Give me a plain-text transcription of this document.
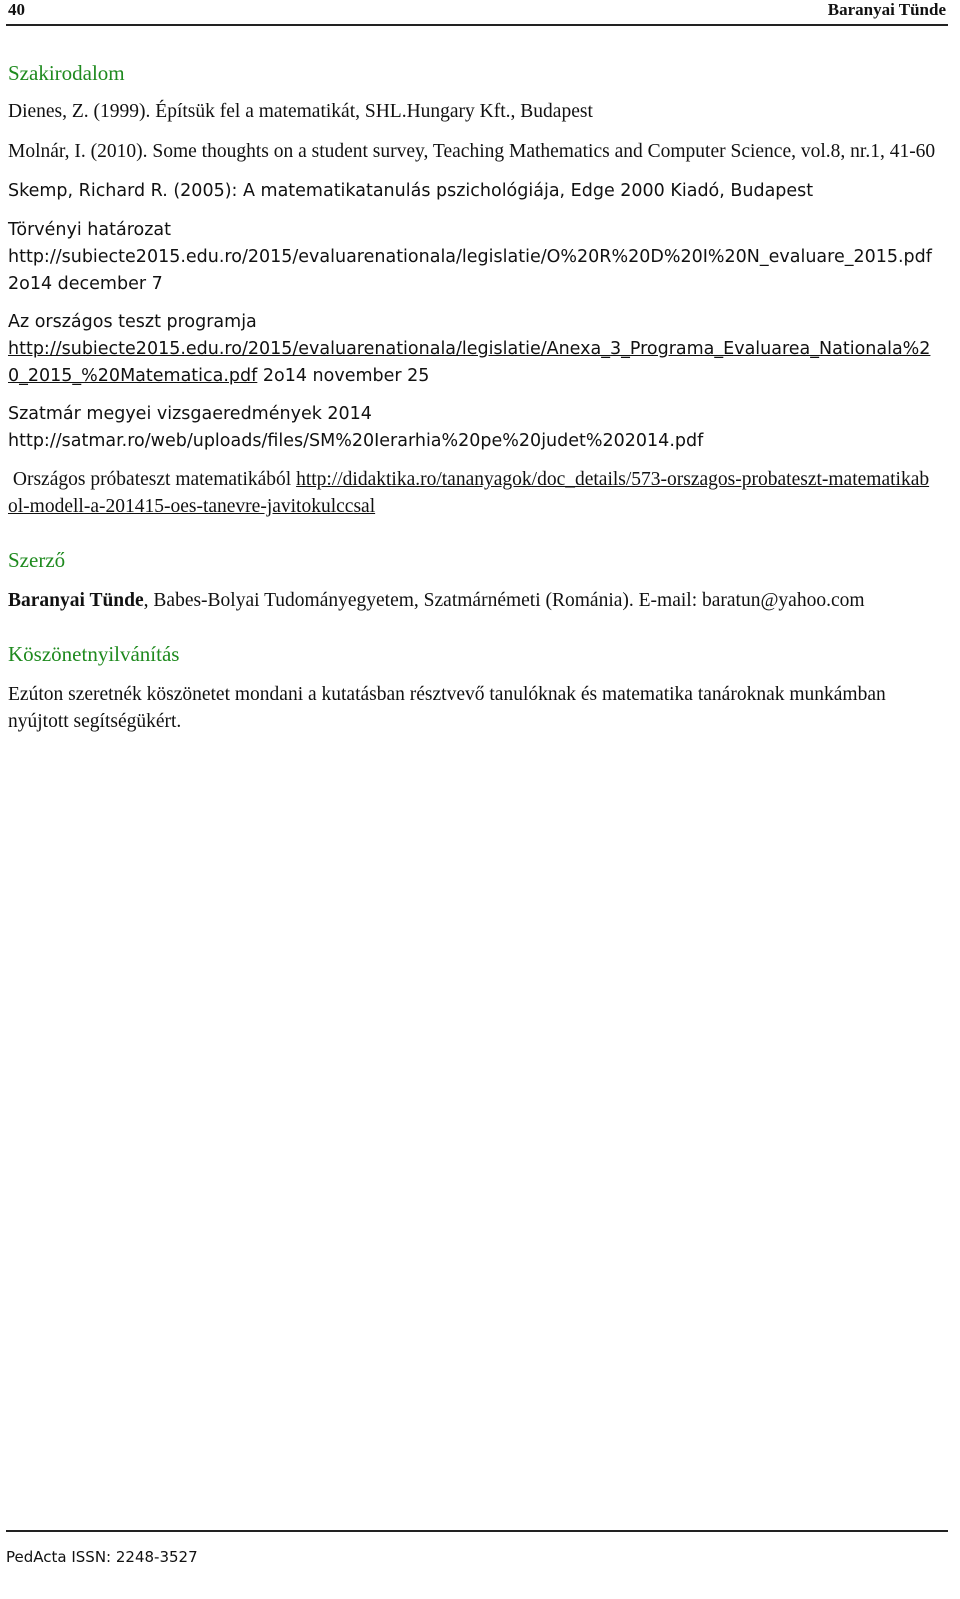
40	Baranyai Tünde
Szakirodalom

Dienes, Z. (1999). Építsük fel a matematikát, SHL.Hungary Kft., Budapest

Molnár, I. (2010). Some thoughts on a student survey, Teaching Mathematics and Computer Science, vol.8, nr.1, 41-60

Skemp, Richard R. (2005): A matematikatanulás pszichológiája, Edge 2000 Kiadó, Budapest

Törvényi határozat

http://subiecte2015.edu.ro/2015/evaluarenationala/legislatie/O%20R%20D%20I%20N_evaluare_2015.pdf 2o14 december 7

Az országos teszt programja

http://subiecte2015.edu.ro/2015/evaluarenationala/legislatie/Anexa_3_Programa_Evaluarea_Nationala%20_2015_%20Matematica.pdf 2o14 november 25

Szatmár megyei vizsgaeredmények 2014

http://satmar.ro/web/uploads/files/SM%20Ierarhia%20pe%20judet%202014.pdf

Országos próbateszt matematikából http://didaktika.ro/tananyagok/doc_details/573-orszagos-probateszt-matematikabol-modell-a-201415-oes-tanevre-javitokulccsal

Szerző

Baranyai Tünde, Babes-Bolyai Tudományegyetem, Szatmárnémeti (Románia). E-mail: baratun@yahoo.com

Köszönetnyilvánítás

Ezúton szeretnék köszönetet mondani a kutatásban résztvevő tanulóknak és matematika tanároknak munkámban nyújtott segítségükért.

PedActa ISSN: 2248-3527
